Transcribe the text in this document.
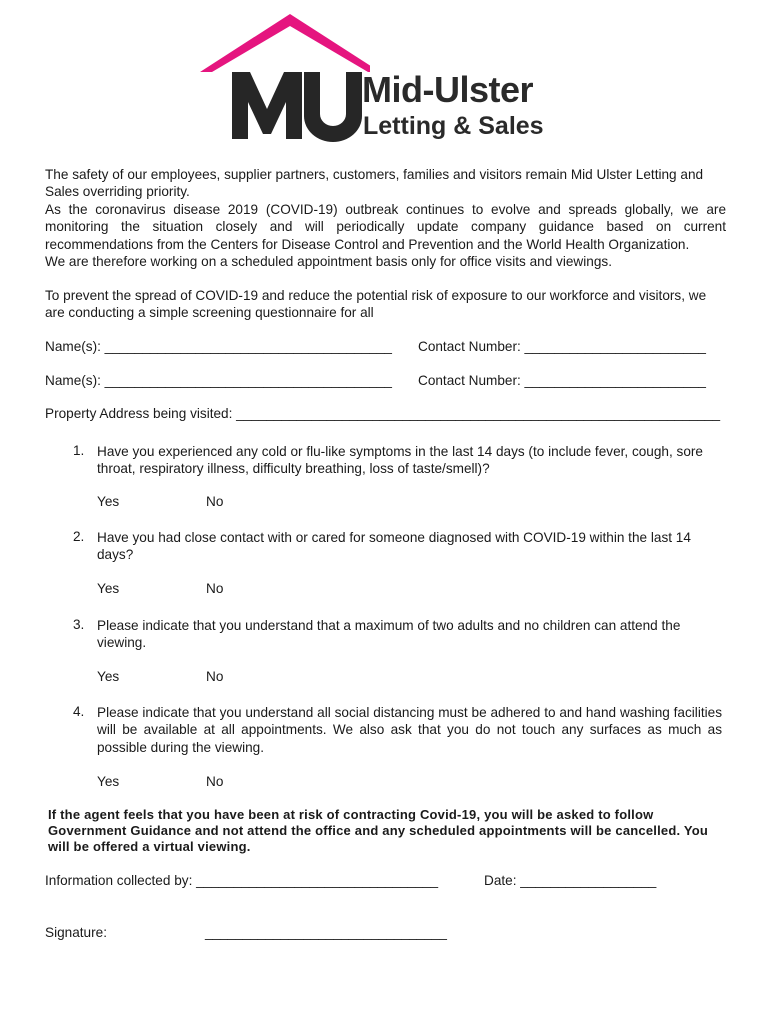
Mid-Ulster
Letting & Sales

The safety of our employees, supplier partners, customers, families and visitors remain Mid Ulster Letting and Sales overriding priority.

As the coronavirus disease 2019 (COVID-19) outbreak continues to evolve and spreads globally, we are monitoring the situation closely and will periodically update company guidance based on current recommendations from the Centers for Disease Control and Prevention and the World Health Organization.

We are therefore working on a scheduled appointment basis only for office visits and viewings.

To prevent the spread of COVID-19 and reduce the potential risk of exposure to our workforce and visitors, we are conducting a simple screening questionnaire for all

Name(s): ______________________________________ Contact Number: ________________________
Name(s): ______________________________________ Contact Number: ________________________
Property Address being visited: ________________________________________________________________
1. Have you experienced any cold or flu-like symptoms in the last 14 days (to include fever, cough, sore throat, respiratory illness, difficulty breathing, loss of taste/smell)?

Yes	No
2. Have you had close contact with or cared for someone diagnosed with COVID-19 within the last 14 days?

Yes	No
3. Please indicate that you understand that a maximum of two adults and no children can attend the viewing.

Yes	No
4. Please indicate that you understand all social distancing must be adhered to and hand washing facilities will be available at all appointments. We also ask that you do not touch any surfaces as much as possible during the viewing.

Yes	No

If the agent feels that you have been at risk of contracting Covid-19, you will be asked to follow Government Guidance and not attend the office and any scheduled appointments will be cancelled. You will be offered a virtual viewing.

Information collected by: ________________________________	Date: __________________
Signature:	________________________________
